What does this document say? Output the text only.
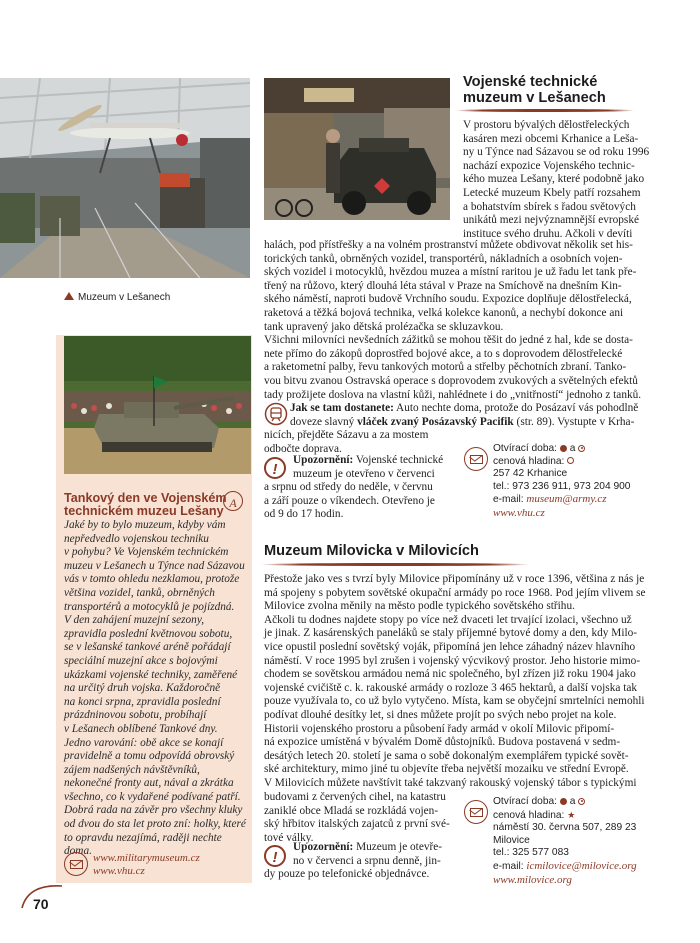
Vojenské technické
muzeum v Lešanech

V prostoru bývalých dělostřeleckých

kasáren mezi obcemi Krhanice a Leša-

ny u Týnce nad Sázavou se od roku 1996

nachází expozice Vojenského technic-

kého muzea Lešany, které podobně jako

Letecké muzeum Kbely patří rozsahem

a bohatstvím sbírek s řadou světových

unikátů mezi nejvýznamnější evropské

instituce svého druhu. Ačkoli v devíti

halách, pod přístřešky a na volném prostranství můžete obdivovat několik set his-

torických tanků, obrněných vozidel, transportérů, nákladních a osobních vojen-

ských vozidel i motocyklů, hvězdou muzea a místní raritou je už řadu let tank pře-

třený na růžovo, který dlouhá léta stával v Praze na Smíchově na dnešním Kin-

ského náměstí, naproti budově Vrchního soudu. Expozice doplňuje dělostřelecká,

raketová a těžká bojová technika, velká kolekce kanonů, a nechybí dokonce ani

tank upravený jako dětská prolézačka se skluzavkou.

Všichni milovníci nevšedních zážitků se mohou těšit do jedné z hal, kde se dosta-

nete přímo do zákopů doprostřed bojové akce, a to s doprovodem dělostřelecké

a raketometní palby, řevu tankových motorů a střelby pěchotních zbraní. Tanko-

vou bitvu zvanou Ostravská operace s doprovodem zvukových a světelných efektů

tady prožijete doslova na vlastní kůži, nahlédnete i do „vnitřností“ jednoho z tanků.

Jak se tam dostanete: Auto nechte doma, protože do Posázaví vás pohodlně

doveze slavný vláček zvaný Posázavský Pacifik (str. 89). Vystupte v Krha-

nicích, přejděte Sázavu a za mostem

odbočte doprava.

!

Upozornění: Vojenské technické

muzeum je otevřeno v červenci

a srpnu od středy do neděle, v červnu

a září pouze o víkendech. Otevřeno je

od 9 do 17 hodin.

Otvírací doba: a
cenová hladina:
257 42 Krhanice
tel.: 973 236 911, 973 204 900
e-mail: museum@army.cz
www.vhu.cz
Muzeum v Lešanech
Tankový den ve Vojenském
technickém muzeu Lešany
A
Jaké by to bylo muzeum, kdyby vám
nepředvedlo vojenskou techniku
v pohybu? Ve Vojenském technickém
muzeu v Lešanech u Týnce nad Sázavou
vás v tomto ohledu nezklamou, protože
většina vozidel, tanků, obrněných
transportérů a motocyklů je pojízdná.
V den zahájení muzejní sezony,
zpravidla poslední květnovou sobotu,
se v lešanské tankové aréně pořádají
speciální muzejní akce s bojovými
ukázkami vojenské techniky, zaměřené
na určitý druh vojska. Každoročně
na konci srpna, zpravidla poslední
prázdninovou sobotu, probíhají
v Lešanech oblíbené Tankové dny.
Jedno varování: obě akce se konají
pravidelně a tomu odpovídá obrovský
zájem nadšených návštěvníků,
nekonečné fronty aut, nával a zkrátka
všechno, co k vydařené podívané patří.
Dobrá rada na závěr pro všechny kluky
od dvou do sta let proto zní: holky, které
to opravdu nezajímá, raději nechte doma.
www.militarymuseum.cz
www.vhu.cz
Muzeum Milovicka v Milovicích

Přestože jako ves s tvrzí byly Milovice připomínány už v roce 1396, většina z nás je

má spojeny s pobytem sovětské okupační armády po roce 1968. Pod jejím vlivem se

Milovice zvolna měnily na město podle typického sovětského střihu.

Ačkoli tu dodnes najdete stopy po více než dvaceti let trvající izolaci, všechno už

je jinak. Z kasárenských paneláků se staly příjemné bytové domy a den, kdy Milo-

vice opustil poslední sovětský voják, připomíná jen lehce záhadný název hlavního

náměstí. V roce 1995 byl zrušen i vojenský výcvikový prostor. Jeho historie mimo-

chodem se sovětskou armádou nemá nic společného, byl zřízen již roku 1904 jako

vojenské cvičiště c. k. rakouské armády o rozloze 3 465 hektarů, a další vojska tak

pouze využívala to, co už bylo vytyčeno. Místa, kam se obyčejní smrtelníci nemohli

podívat dlouhé desítky let, si dnes můžete projít po svých nebo projet na kole.

Historii vojenského prostoru a působení řady armád v okolí Milovic připomí-

ná expozice umístěná v bývalém Domě důstojníků. Budova postavená v sedm-

desátých letech 20. století je sama o sobě dokonalým exemplářem typické sovět-

ské architektury, mimo jiné tu objevíte třeba největší mozaiku ve střední Evropě.

V Milovicích můžete navštívit také takzvaný rakouský vojenský tábor s typickými

budovami z červených cihel, na katastru

zaniklé obce Mladá se rozkládá vojen-

ský hřbitov italských zajatců z první své-

tové války.

!

Upozornění: Muzeum je otevře-

no v červenci a srpnu denně, jin-

dy pouze po telefonické objednávce.

Otvírací doba: a
cenová hladina: ★
náměstí 30. června 507, 289 23 Milovice
tel.: 325 577 083
e-mail: icmilovice@milovice.org
www.milovice.org
70
